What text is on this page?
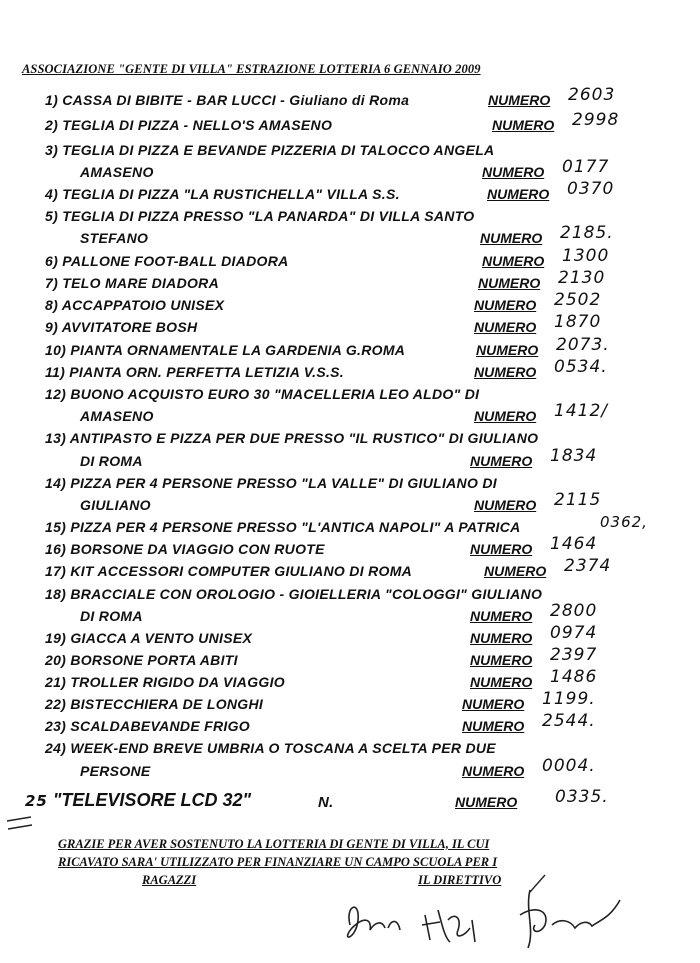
ASSOCIAZIONE "GENTE DI VILLA" ESTRAZIONE LOTTERIA 6 GENNAIO 2009
1) CASSA DI BIBITE - BAR LUCCI - Giuliano di Roma	NUMERO 2603
2) TEGLIA DI PIZZA - NELLO'S AMASENO	NUMERO 2998
3) TEGLIA DI PIZZA E BEVANDE PIZZERIA DI TALOCCO ANGELA
AMASENO	NUMERO 0177
4) TEGLIA DI PIZZA "LA RUSTICHELLA" VILLA S.S.	NUMERO 0370
5) TEGLIA DI PIZZA PRESSO "LA PANARDA" DI VILLA SANTO
STEFANO	NUMERO 2185.
6) PALLONE FOOT-BALL DIADORA	NUMERO 1300
7) TELO MARE DIADORA	NUMERO 2130
8) ACCAPPATOIO UNISEX	NUMERO 2502
9) AVVITATORE BOSH	NUMERO 1870
10) PIANTA ORNAMENTALE LA GARDENIA G.ROMA	NUMERO 2073.
11) PIANTA ORN. PERFETTA LETIZIA V.S.S.	NUMERO 0534.
12) BUONO ACQUISTO EURO 30 "MACELLERIA LEO ALDO" DI
AMASENO	NUMERO 1412/
13) ANTIPASTO E PIZZA PER DUE PRESSO "IL RUSTICO" DI GIULIANO
DI ROMA	NUMERO 1834
14) PIZZA PER 4 PERSONE PRESSO "LA VALLE" DI GIULIANO DI
GIULIANO	NUMERO 2115
15) PIZZA PER 4 PERSONE PRESSO "L'ANTICA NAPOLI" A PATRICA	0362,
16) BORSONE DA VIAGGIO CON RUOTE	NUMERO 1464
17) KIT ACCESSORI COMPUTER GIULIANO DI ROMA	NUMERO 2374
18) BRACCIALE CON OROLOGIO - GIOIELLERIA "COLOGGI" GIULIANO
DI ROMA	NUMERO 2800
19) GIACCA A VENTO UNISEX	NUMERO 0974
20) BORSONE PORTA ABITI	NUMERO 2397
21) TROLLER RIGIDO DA VIAGGIO	NUMERO 1486
22) BISTECCHIERA DE LONGHI	NUMERO 1199.
23) SCALDABEVANDE FRIGO	NUMERO 2544.
24) WEEK-END BREVE UMBRIA O TOSCANA A SCELTA PER DUE
PERSONE	NUMERO 0004.
25 "TELEVISORE LCD 32"	N.	NUMERO 0335.
GRAZIE PER AVER SOSTENUTO LA LOTTERIA DI GENTE DI VILLA, IL CUI
RICAVATO SARA' UTILIZZATO PER FINANZIARE UN CAMPO SCUOLA PER I
RAGAZZI	IL DIRETTIVO
